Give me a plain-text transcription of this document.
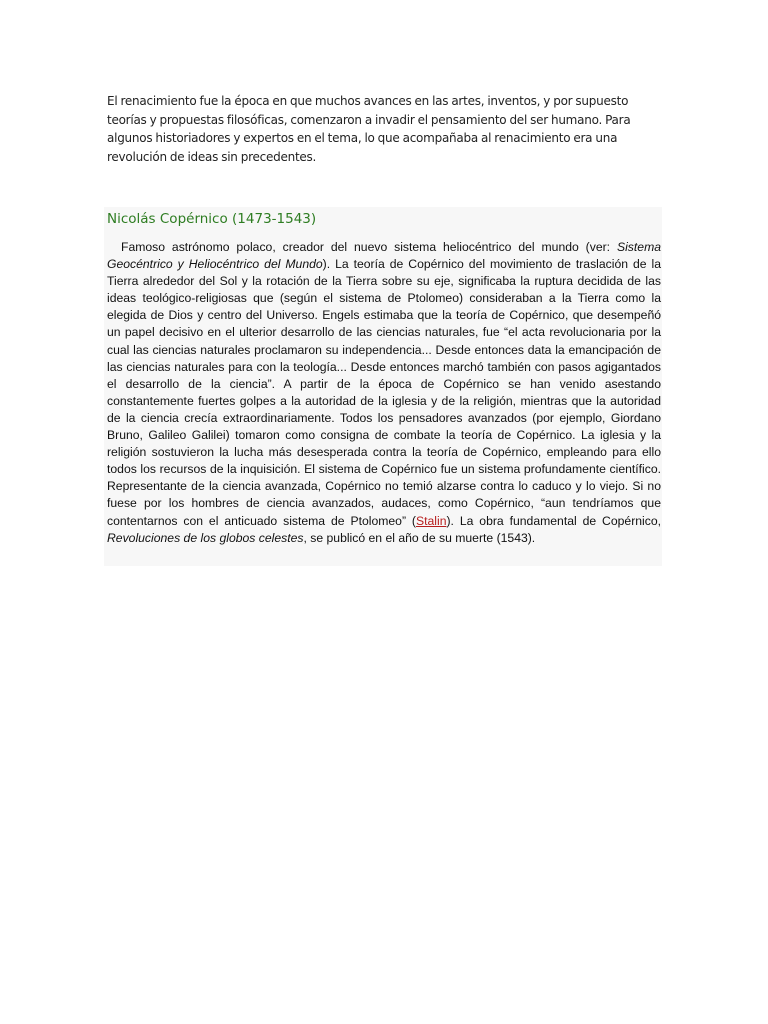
El renacimiento fue la época en que muchos avances en las artes, inventos, y por supuesto teorías y propuestas filosóficas, comenzaron a invadir el pensamiento del ser humano. Para algunos historiadores y expertos en el tema, lo que acompañaba al renacimiento era una revolución de ideas sin precedentes.

Nicolás Copérnico (1473-1543)

Famoso astrónomo polaco, creador del nuevo sistema heliocéntrico del mundo (ver: Sistema Geocéntrico y Heliocéntrico del Mundo). La teoría de Copérnico del movimiento de traslación de la Tierra alrededor del Sol y la rotación de la Tierra sobre su eje, significaba la ruptura decidida de las ideas teológico-religiosas que (según el sistema de Ptolomeo) consideraban a la Tierra como la elegida de Dios y centro del Universo. Engels estimaba que la teoría de Copérnico, que desempeñó un papel decisivo en el ulterior desarrollo de las ciencias naturales, fue “el acta revolucionaria por la cual las ciencias naturales proclamaron su independencia... Desde entonces data la emancipación de las ciencias naturales para con la teología... Desde entonces marchó también con pasos agigantados el desarrollo de la ciencia”. A partir de la época de Copérnico se han venido asestando constantemente fuertes golpes a la autoridad de la iglesia y de la religión, mientras que la autoridad de la ciencia crecía extraordinariamente. Todos los pensadores avanzados (por ejemplo, Giordano Bruno, Galileo Galilei) tomaron como consigna de combate la teoría de Copérnico. La iglesia y la religión sostuvieron la lucha más desesperada contra la teoría de Copérnico, empleando para ello todos los recursos de la inquisición. El sistema de Copérnico fue un sistema profundamente científico. Representante de la ciencia avanzada, Copérnico no temió alzarse contra lo caduco y lo viejo. Si no fuese por los hombres de ciencia avanzados, audaces, como Copérnico, “aun tendríamos que contentarnos con el anticuado sistema de Ptolomeo” (Stalin). La obra fundamental de Copérnico, Revoluciones de los globos celestes, se publicó en el año de su muerte (1543).
